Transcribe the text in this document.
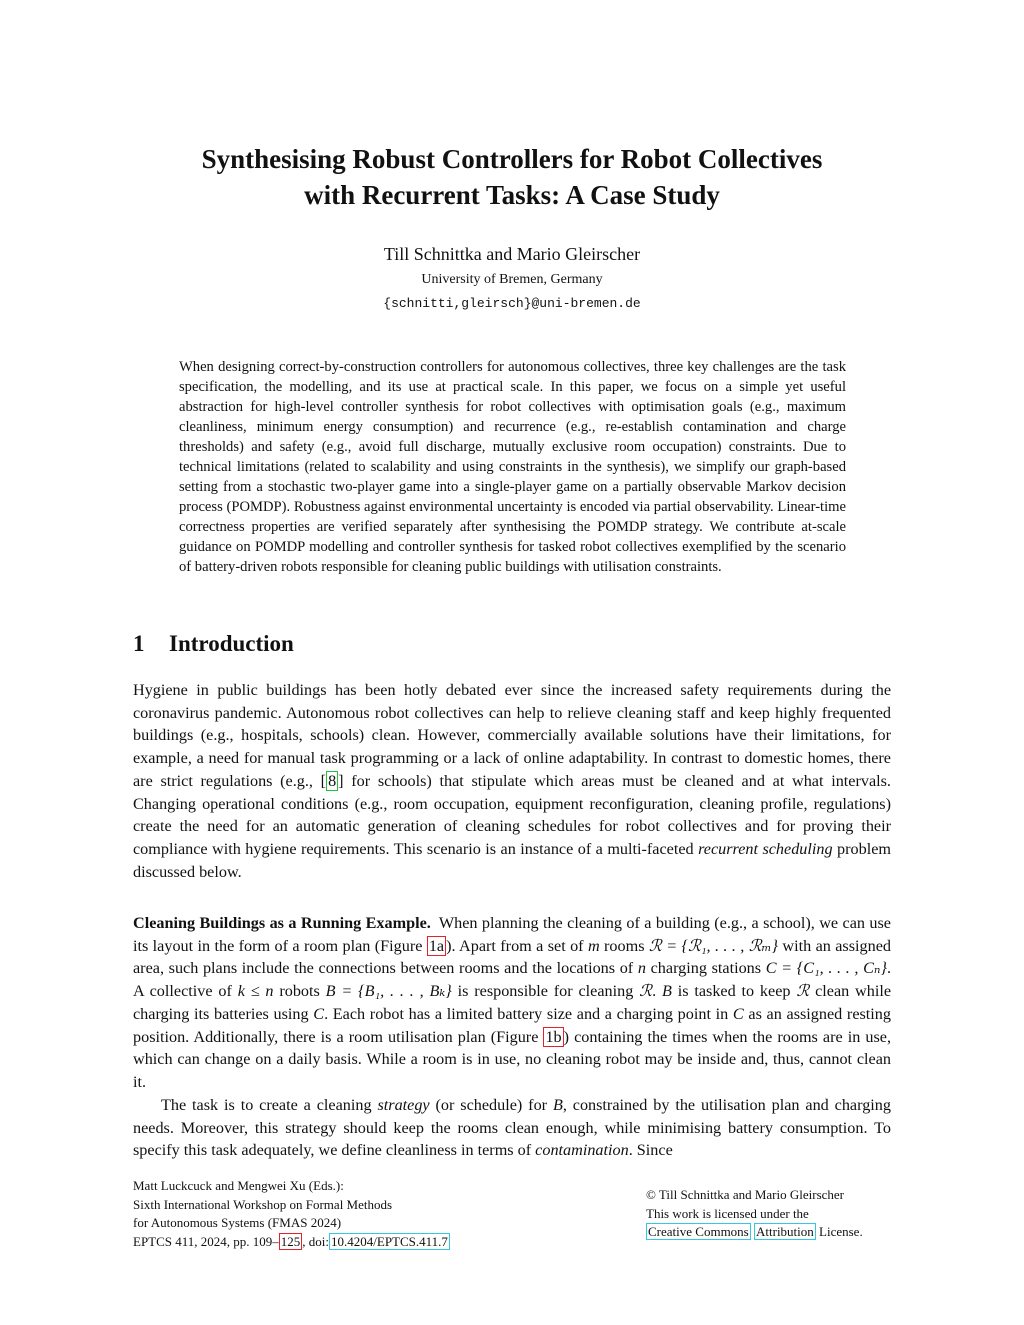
Synthesising Robust Controllers for Robot Collectives
with Recurrent Tasks: A Case Study
Till Schnittka and Mario Gleirscher
University of Bremen, Germany
{schnitti,gleirsch}@uni-bremen.de

When designing correct-by-construction controllers for autonomous collectives, three key challenges are the task specification, the modelling, and its use at practical scale. In this paper, we focus on a simple yet useful abstraction for high-level controller synthesis for robot collectives with optimisation goals (e.g., maximum cleanliness, minimum energy consumption) and recurrence (e.g., re-establish contamination and charge thresholds) and safety (e.g., avoid full discharge, mutually exclusive room occupation) constraints. Due to technical limitations (related to scalability and using constraints in the synthesis), we simplify our graph-based setting from a stochastic two-player game into a single-player game on a partially observable Markov decision process (POMDP). Robustness against environmental uncertainty is encoded via partial observability. Linear-time correctness properties are verified separately after synthesising the POMDP strategy. We contribute at-scale guidance on POMDP modelling and controller synthesis for tasked robot collectives exemplified by the scenario of battery-driven robots responsible for cleaning public buildings with utilisation constraints.

1 Introduction

Hygiene in public buildings has been hotly debated ever since the increased safety requirements during the coronavirus pandemic. Autonomous robot collectives can help to relieve cleaning staff and keep highly frequented buildings (e.g., hospitals, schools) clean. However, commercially available solutions have their limitations, for example, a need for manual task programming or a lack of online adaptability. In contrast to domestic homes, there are strict regulations (e.g., [ 8 ] for schools) that stipulate which areas must be cleaned and at what intervals. Changing operational conditions (e.g., room occupation, equipment reconfiguration, cleaning profile, regulations) create the need for an automatic generation of cleaning schedules for robot collectives and for proving their compliance with hygiene requirements. This scenario is an instance of a multi-faceted recurrent scheduling problem discussed below.

Cleaning Buildings as a Running Example. When planning the cleaning of a building (e.g., a school), we can use its layout in the form of a room plan (Figure 1a ). Apart from a set of m rooms ℛ = {ℛ₁, . . . , ℛₘ} with an assigned area, such plans include the connections between rooms and the locations of n charging stations C = {C₁, . . . , Cₙ}. A collective of k ≤ n robots B = {B₁, . . . , Bₖ} is responsible for cleaning ℛ. B is tasked to keep ℛ clean while charging its batteries using C. Each robot has a limited battery size and a charging point in C as an assigned resting position. Additionally, there is a room utilisation plan (Figure 1b ) containing the times when the rooms are in use, which can change on a daily basis. While a room is in use, no cleaning robot may be inside and, thus, cannot clean it.

The task is to create a cleaning strategy (or schedule) for B, constrained by the utilisation plan and charging needs. Moreover, this strategy should keep the rooms clean enough, while minimising battery consumption. To specify this task adequately, we define cleanliness in terms of contamination. Since

Matt Luckcuck and Mengwei Xu (Eds.):
Sixth International Workshop on Formal Methods
for Autonomous Systems (FMAS 2024)
EPTCS 411, 2024, pp. 109– 125 , doi: 10.4204/EPTCS.411.7
© Till Schnittka and Mario Gleirscher
This work is licensed under the
Creative Commons Attribution License.
